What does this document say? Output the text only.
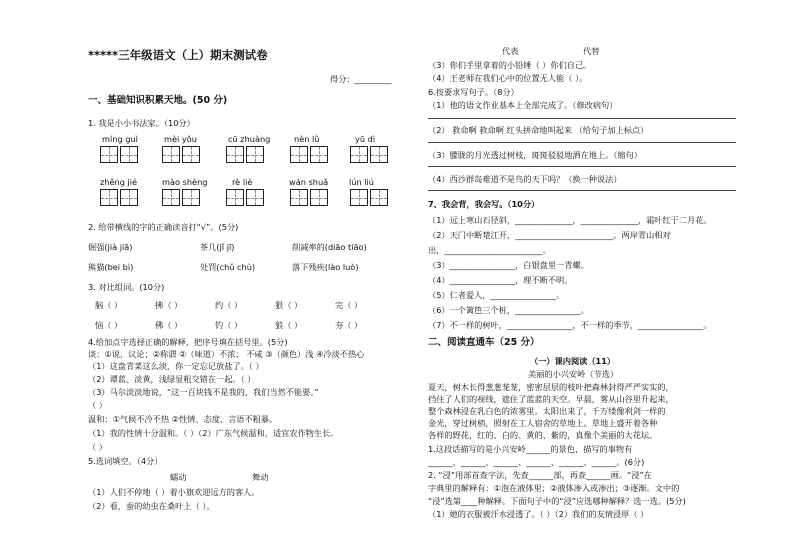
*****三年级语文（上）期末测试卷
得分：_________
一、基础知识积累天地。(50 分)
1. 我是小小书法家。（10分）
míng guì	mèi yǒu	cū zhuàng	nèn lǜ	yū dì
zhěng jié	mào shèng	rè liè	wán shuǎ	lún liú
2. 给带横线的字的正确读音打“√”。(5分)
倔强(jià jiā)	茶几(jǐ jī)	削减率的(diāo tiāo)
熊猫(bei bì)	处罚(chǔ chù)	落下残疾(lào luò)
3. 对比组词。(10分)
脑（ ）	拂（ ）	约（ ）	狠（ ）	完（ ）
恼（ ）	佛（ ）	钓（ ）	狼（ ）	夯（ ）
4.给加点字选择正确的解释，把序号填在括号里。(5分)
谈：①说，议论；②称谓 ②（味道）不浓； 不咸 ③（颜色）浅 ④冷淡不热心
（1）这盘青菜这么淡，你一定忘记放盐了。（ ）
（2）谭蓝、淡黄，浅绿显粗交错在一起。（ ）
（3）马尔淡淡地说，“这一百块钱不是我的，我们当然不能要。”
（ ）
温和：①气候不冷不热 ②性情、态度、言语不粗暴。
（1）我的性情十分温和。（ ）（2）广东气候温和，适宜农作物生长。
（ ）
5.选词填空。（4分）
蠕动	舞动
（1）人们不停地（ ）着小旗欢迎远方的客人。
（2）看，蚕的幼虫在桑叶上（ ）。
代表	代替
（3）你们手里拿着的小铅锤（ ）你们自己。
（4）王老师在我们心中的位置无人能（ ）。
6.按要求写句子。（8分）
（1）他的语文作业基本上全部完成了。（修改病句）
（2） 救命啊 救命啊 红头拼命地叫起来 （给句子加上标点）
（3）朦胧的月光透过树枝，斑斑驳驳地洒在地上。（缩句）
（4）西沙群岛难道不是鸟的天下吗？（换一种说法）
7、我会背，我会写。（10分）
（1）远上寒山石径斜，______________，______________，霜叶红于二月花。
（2）天门中断楚江开，________________________。两岸青山相对
出，________________________。
（3）________________，白银盘里一青螺。
（4）________________，理不断不明。
（5）仁者爱人，________________。
（6）一个篱笆三个桩，________________。
（7）不一样的树叶，________________，不一样的季节，________________。
二、阅读直通车（25 分）
（一）课内阅读（11）
美丽的小兴安岭（节选）
夏天，树木长得葱葱茏茏，密密层层的枝叶把森林封得严严实实的，
挡住了人们的视线，遮住了蓝蓝的天空。早晨，雾从山谷里升起来，
整个森林浸在乳白色的浓雾里。太阳出来了，千万缕像利剑一样的
金光，穿过树梢，照射在工人宿舍的草地上。草地上盛开着各种
各样的野花，红的、白的、黄的、紫的，真像个美丽的大花坛。
1.这段话描写的是小兴安岭______的景色，描写的事物有
______、______、______、______、______、______。(6分)
2. “浸”用部首查字法，先查______部，再查______画。“浸”在
字典里的解释有：①泡在液体里；②液体渗入或渗出；③逐渐。文中的
“浸”选第____种解释。下面句子中的“浸”应选哪种解释？选一选。(5分)
（1）她的衣服被汗水浸透了。（ ）（2）我们的友情浸厚（ ）
